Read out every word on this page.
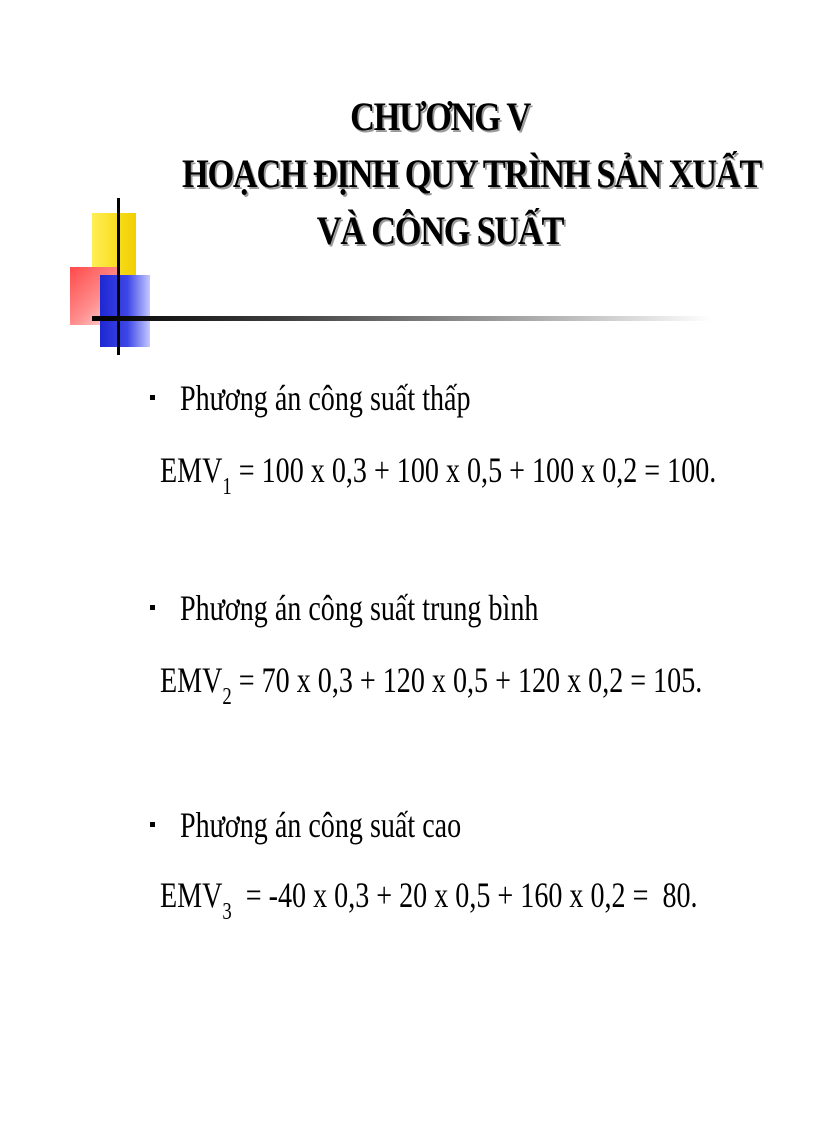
CHƯƠNG V
HOẠCH ĐỊNH QUY TRÌNH SẢN XUẤT
VÀ CÔNG SUẤT
Phương án công suất thấp
$EMV_1 = 100$ x 0,3 + 100 x 0,5 + 100 x 0,2 = 100.
Phương án công suất trung bình
$EMV_2 = 70$ x 0,3 + 120 x 0,5 + 120 x 0,2 = 105.
Phương án công suất cao
$EMV_3 = -40$ x 0,3 + 20 x 0,5 + 160 x 0,2 =  80.
